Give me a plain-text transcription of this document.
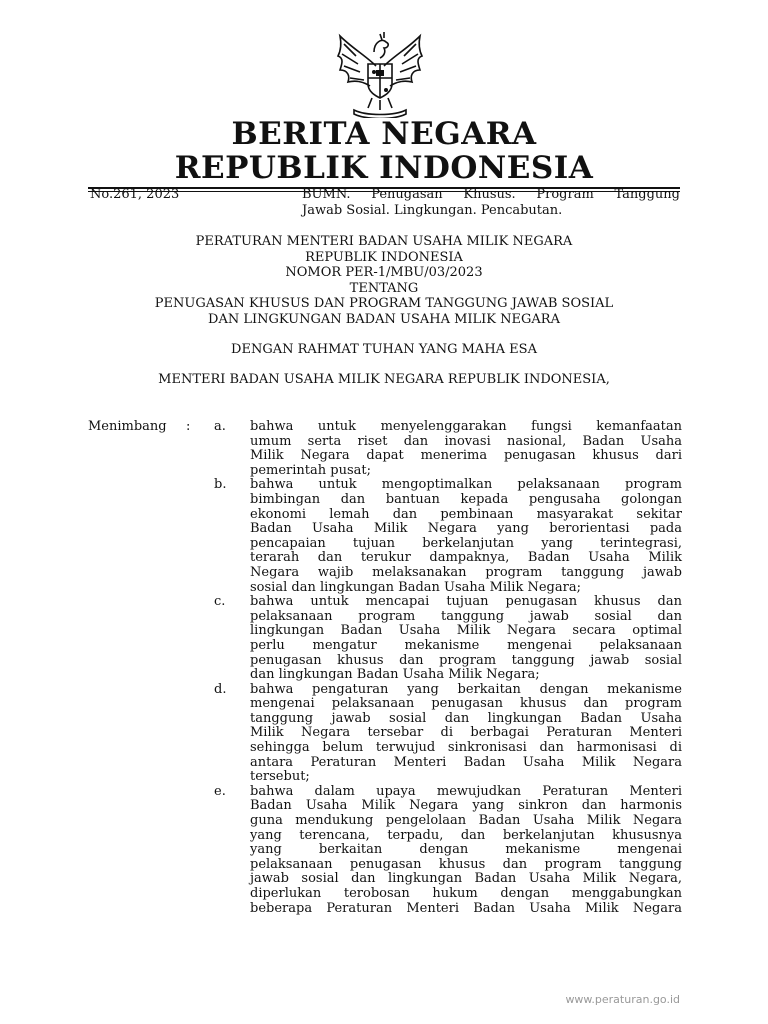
BERITA NEGARA
REPUBLIK INDONESIA
No.261, 2023	BUMN. Penugasan Khusus. Program Tanggung
Jawab Sosial. Lingkungan. Pencabutan.
PERATURAN MENTERI BADAN USAHA MILIK NEGARA
REPUBLIK INDONESIA
NOMOR PER-1/MBU/03/2023
TENTANG
PENUGASAN KHUSUS DAN PROGRAM TANGGUNG JAWAB SOSIAL
DAN LINGKUNGAN BADAN USAHA MILIK NEGARA
DENGAN RAHMAT TUHAN YANG MAHA ESA
MENTERI BADAN USAHA MILIK NEGARA REPUBLIK INDONESIA,
Menimbang : a. bahwa untuk menyelenggarakan fungsi kemanfaatan
umum serta riset dan inovasi nasional, Badan Usaha
Milik Negara dapat menerima penugasan khusus dari
pemerintah pusat;
b. bahwa untuk mengoptimalkan pelaksanaan program
bimbingan dan bantuan kepada pengusaha golongan
ekonomi lemah dan pembinaan masyarakat sekitar
Badan Usaha Milik Negara yang berorientasi pada
pencapaian tujuan berkelanjutan yang terintegrasi,
terarah dan terukur dampaknya, Badan Usaha Milik
Negara wajib melaksanakan program tanggung jawab
sosial dan lingkungan Badan Usaha Milik Negara;
c. bahwa untuk mencapai tujuan penugasan khusus dan
pelaksanaan program tanggung jawab sosial dan
lingkungan Badan Usaha Milik Negara secara optimal
perlu mengatur mekanisme mengenai pelaksanaan
penugasan khusus dan program tanggung jawab sosial
dan lingkungan Badan Usaha Milik Negara;
d. bahwa pengaturan yang berkaitan dengan mekanisme
mengenai pelaksanaan penugasan khusus dan program
tanggung jawab sosial dan lingkungan Badan Usaha
Milik Negara tersebar di berbagai Peraturan Menteri
sehingga belum terwujud sinkronisasi dan harmonisasi di
antara Peraturan Menteri Badan Usaha Milik Negara
tersebut;
e. bahwa dalam upaya mewujudkan Peraturan Menteri
Badan Usaha Milik Negara yang sinkron dan harmonis
guna mendukung pengelolaan Badan Usaha Milik Negara
yang terencana, terpadu, dan berkelanjutan khususnya
yang berkaitan dengan mekanisme mengenai
pelaksanaan penugasan khusus dan program tanggung
jawab sosial dan lingkungan Badan Usaha Milik Negara,
diperlukan terobosan hukum dengan menggabungkan
beberapa Peraturan Menteri Badan Usaha Milik Negara
www.peraturan.go.id
